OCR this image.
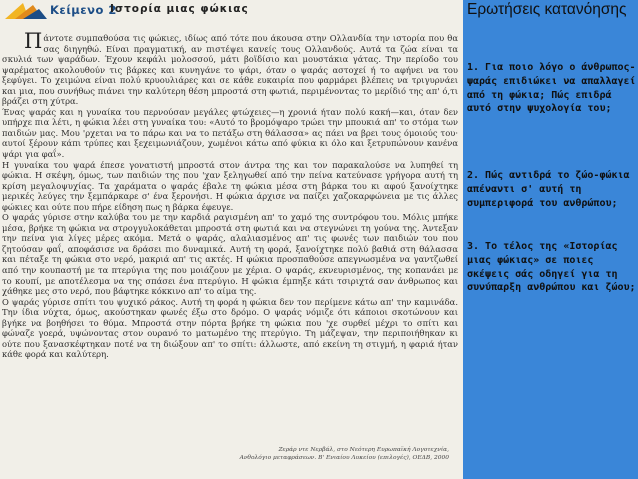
Κείμενο 2
Ιστορία μιας φώκιας

Πάντοτε συμπαθούσα τις φώκιες, ιδίως από τότε που άκουσα στην Ολλανδία την ιστορία που θα σας διηγηθώ. Είναι πραγματική, αν πιστέψει κανείς τους Ολλανδούς. Αυτά τα ζώα είναι τα σκυλιά των ψαράδων. Έχουν κεφάλι μολοσσού, μάτι βοϊδίσιο και μουστάκια γάτας. Την περίοδο του ψαρέματος ακολουθούν τις βάρκες και κυνηγάνε το ψάρι, όταν ο ψαράς αστοχεί ή το αφήνει να του ξεφύγει. Το χειμώνα είναι πολύ κρυουλιάρες και σε κάθε ευκαιρία που φαρμάρει βλέπεις να τριγυρνάει και μια, που συνήθως πιάνει την καλύτερη θέση μπροστά στη φωτιά, περιμένοντας το μερίδιό της απ' ό,τι βράζει στη χύτρα.

Ένας ψαράς και η γυναίκα του περνούσαν μεγάλες φτώχειες—η χρονιά ήταν πολύ κακή—και, όταν δεν υπήρχε πια λέτι, η φώκια λέει στη γυναίκα του: «Αυτό το βρομόψαρο τρώει την μπουκιά απ' το στόμα των παιδιών μας. Μου 'ρχεται να το πάρω και να το πετάξω στη θάλασσα» ας πάει να βρει τους όμοιούς του· αυτοί ξέρουν κάπι τρύπες και ξεχειμωνιάζουν, χωμένοι κάτω από φύκια κι όλο και ξετρυπώνουν κανένα ψάρι για φαΐ».

Η γυναίκα του ψαρά έπεσε γονατιστή μπροστά στον άντρα της και τον παρακαλούσε να λυπηθεί τη φώκια. Η σκέψη, όμως, των παιδιών της που 'χαν ξεληγωθεί από την πείνα κατεύνασε γρήγορα αυτή τη κρίση μεγαλοψυχίας. Τα χαράματα ο ψαράς έβαλε τη φώκια μέσα στη βάρκα του κι αφού ξανοίχτηκε μερικές λεύγες την ξεμπάρκαρε σ' ένα ξερονήσι. Η φώκια άρχισε να παίζει χαζοκαρφώνεια με τις άλλες φώκιες και ούτε που πήρε είδηση πως η βάρκα έφευγε.

Ο ψαράς γύρισε στην καλύβα του με την καρδιά ραγισμένη απ' το χαμό της συντρόφου του. Μόλις μπήκε μέσα, βρήκε τη φώκια να στρογγυλοκάθεται μπροστά στη φωτιά και να στεγνώνει τη γούνα της. Άντεξαν την πείνα για λίγες μέρες ακόμα. Μετά ο ψαράς, αλαλιασμένος απ' τις φωνές των παιδιών του που ζητούσαν φαΐ, αποφάσισε να δράσει πιο δυναμικά. Αυτή τη φορά, ξανοίχτηκε πολύ βαθιά στη θάλασσα και πέταξε τη φώκια στο νερό, μακριά απ' τις ακτές. Η φώκια προσπαθούσε απεγνωσμένα να γαντζωθεί από την κουπαστή με τα πτερύγια της που μοιάζουν με χέρια. Ο ψαράς, εκνευρισμένος, της κοπανάει με το κουπί, με αποτέλεσμα να της σπάσει ένα πτερύγιο. Η φώκια έμπηξε κάτι τσιριχτά σαν άνθρωπος και χάθηκε μες στο νερό, που βάφτηκε κόκκινο απ' το αίμα της.

Ο ψαράς γύρισε σπίτι του ψυχικό ράκος. Αυτή τη φορά η φώκια δεν τον περίμενε κάτω απ' την καμινάδα. Την ίδια νύχτα, όμως, ακούστηκαν φωνές έξω στο δρόμο. Ο ψαράς νόμιζε ότι κάποιοι σκοτώνουν και βγήκε να βοηθήσει το θύμα. Μπροστά στην πόρτα βρήκε τη φώκια που 'χε συρθεί μέχρι το σπίτι και φώναζε γοερά, υψώνοντας στον ουρανό το ματωμένο της πτερύγιο. Τη μάζεψαν, την περιποιήθηκαν κι ούτε που ξανασκέφτηκαν ποτέ να τη διώξουν απ' το σπίτι: άλλωστε, από εκείνη τη στιγμή, η φαριά ήταν κάθε φορά και καλύτερη.

Ζεράρ ντε Νερβάλ, στο Νεότερη Ευρωπαϊκή Λογοτεχνία,
Ανθολόγιο μεταφράσεων. Β' Ενιαίου Λυκείου (επιλογές), ΟΕΔΒ, 2000
Ερωτήσεις κατανόησης
1. Για ποιο λόγο ο άνθρωπος-ψαράς επιδιώκει να απαλλαγεί από τη φώκια; Πώς επιδρά αυτό στην ψυχολογία του;
2. Πώς αντιδρά το ζώο-φώκια απέναντι σ' αυτή τη συμπεριφορά του ανθρώπου;
3. Το τέλος της «Ιστορίας μιας φώκιας» σε ποιες σκέψεις σάς οδηγεί για τη συνύπαρξη ανθρώπου και ζώου;
